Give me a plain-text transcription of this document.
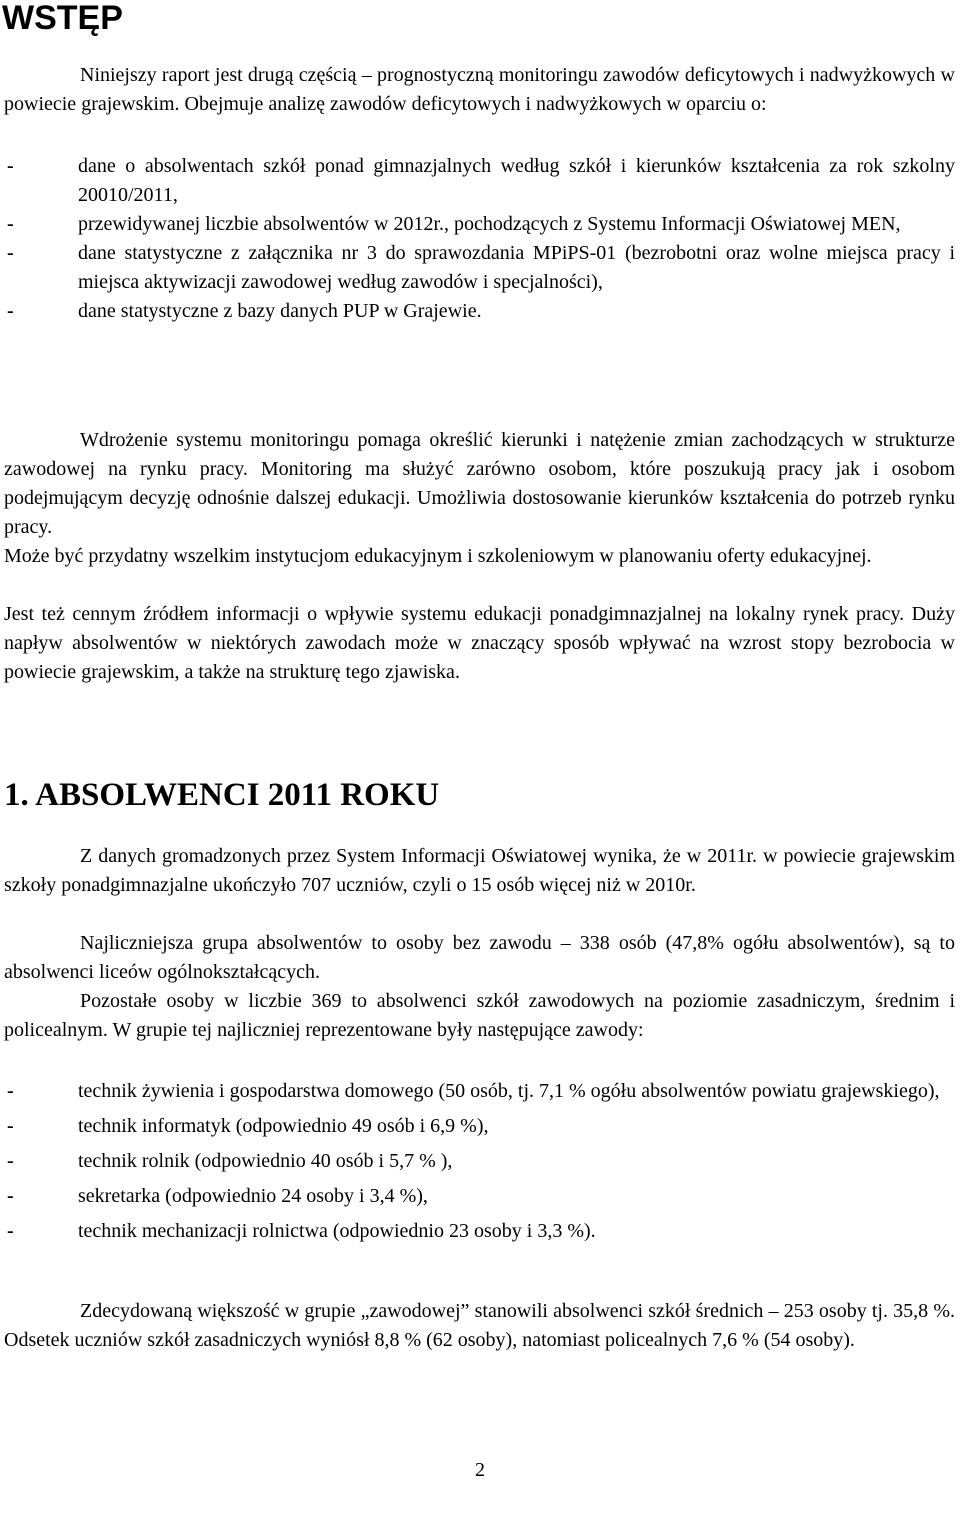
WSTĘP

Niniejszy raport jest drugą częścią – prognostyczną monitoringu zawodów deficytowych i nadwyżkowych w powiecie grajewskim. Obejmuje analizę zawodów deficytowych i nadwyżkowych w oparciu o:

-	dane o absolwentach szkół ponad gimnazjalnych według szkół i kierunków kształcenia za rok szkolny 20010/2011,
-	przewidywanej liczbie absolwentów w 2012r., pochodzących z Systemu Informacji Oświatowej MEN,
-	dane statystyczne z załącznika nr 3 do sprawozdania MPiPS-01 (bezrobotni oraz wolne miejsca pracy i miejsca aktywizacji zawodowej według zawodów i specjalności),
-	dane statystyczne z bazy danych PUP w Grajewie.

Wdrożenie systemu monitoringu pomaga określić kierunki i natężenie zmian zachodzących w strukturze zawodowej na rynku pracy. Monitoring ma służyć zarówno osobom, które poszukują pracy jak i osobom podejmującym decyzję odnośnie dalszej edukacji. Umożliwia dostosowanie kierunków kształcenia do potrzeb rynku pracy.

Może być przydatny wszelkim instytucjom edukacyjnym i szkoleniowym w planowaniu oferty edukacyjnej.

Jest też cennym źródłem informacji o wpływie systemu edukacji ponadgimnazjalnej na lokalny rynek pracy. Duży napływ absolwentów w niektórych zawodach może w znaczący sposób wpływać na wzrost stopy bezrobocia w powiecie grajewskim, a także na strukturę tego zjawiska.

1. ABSOLWENCI 2011 ROKU

Z danych gromadzonych przez System Informacji Oświatowej wynika, że w 2011r. w powiecie grajewskim szkoły ponadgimnazjalne ukończyło 707 uczniów, czyli o 15 osób więcej niż w 2010r.

Najliczniejsza grupa absolwentów to osoby bez zawodu – 338 osób (47,8% ogółu absolwentów), są to absolwenci liceów ogólnokształcących.

Pozostałe osoby w liczbie 369 to absolwenci szkół zawodowych na poziomie zasadniczym, średnim i policealnym. W grupie tej najliczniej reprezentowane były następujące zawody:

-	technik żywienia i gospodarstwa domowego (50 osób, tj. 7,1 % ogółu absolwentów powiatu grajewskiego),
-	technik informatyk (odpowiednio 49 osób i 6,9 %),
-	technik rolnik (odpowiednio 40 osób i 5,7 % ),
-	sekretarka (odpowiednio 24 osoby i 3,4 %),
-	technik mechanizacji rolnictwa (odpowiednio 23 osoby i 3,3 %).

Zdecydowaną większość w grupie „zawodowej” stanowili absolwenci szkół średnich – 253 osoby tj. 35,8 %. Odsetek uczniów szkół zasadniczych wyniósł 8,8 % (62 osoby), natomiast policealnych 7,6 % (54 osoby).

2
